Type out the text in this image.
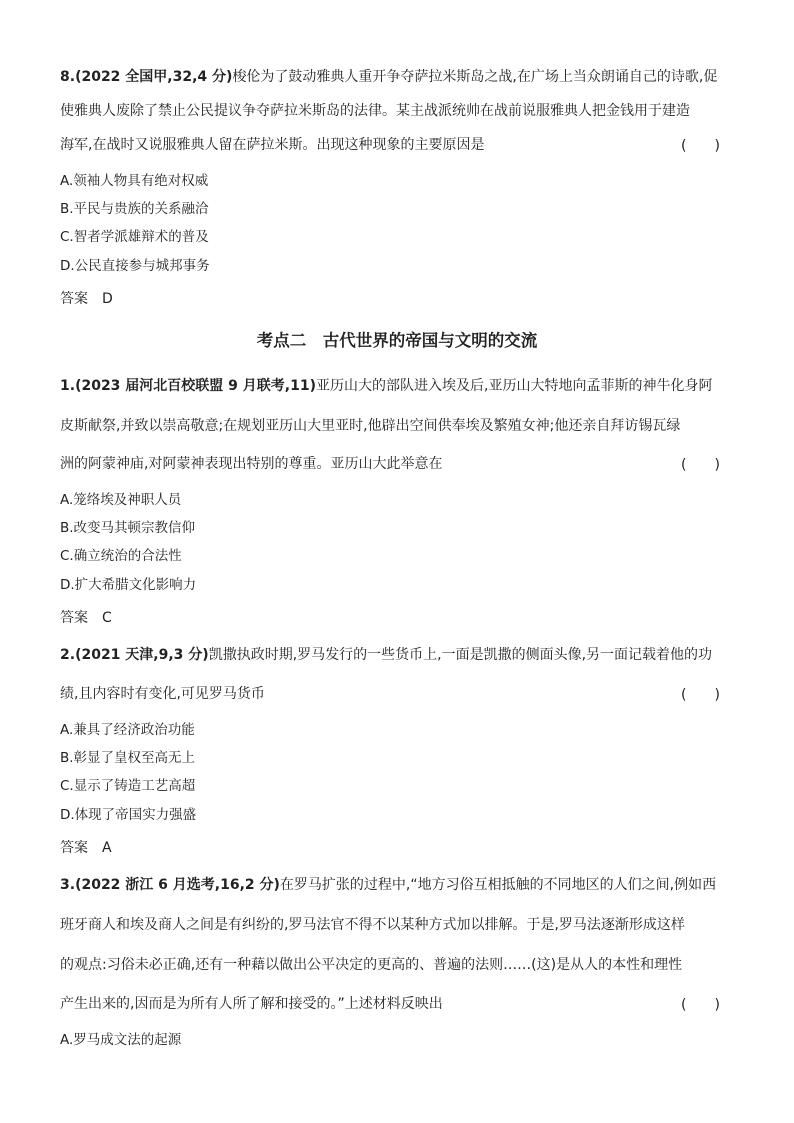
8.(2022 全国甲,32,4 分)梭伦为了鼓动雅典人重开争夺萨拉米斯岛之战,在广场上当众朗诵自己的诗歌,促
使雅典人废除了禁止公民提议争夺萨拉米斯岛的法律。某主战派统帅在战前说服雅典人把金钱用于建造
海军,在战时又说服雅典人留在萨拉米斯。出现这种现象的主要原因是	(　　)
A.领袖人物具有绝对权威
B.平民与贵族的关系融洽
C.智者学派雄辩术的普及
D.公民直接参与城邦事务
答案　D
考点二　古代世界的帝国与文明的交流
1.(2023 届河北百校联盟 9 月联考,11)亚历山大的部队进入埃及后,亚历山大特地向孟菲斯的神牛化身阿
皮斯献祭,并致以崇高敬意;在规划亚历山大里亚时,他辟出空间供奉埃及繁殖女神;他还亲自拜访锡瓦绿
洲的阿蒙神庙,对阿蒙神表现出特别的尊重。亚历山大此举意在	(　　)
A.笼络埃及神职人员
B.改变马其顿宗教信仰
C.确立统治的合法性
D.扩大希腊文化影响力
答案　C
2.(2021 天津,9,3 分)凯撒执政时期,罗马发行的一些货币上,一面是凯撒的侧面头像,另一面记载着他的功
绩,且内容时有变化,可见罗马货币	(　　)
A.兼具了经济政治功能
B.彰显了皇权至高无上
C.显示了铸造工艺高超
D.体现了帝国实力强盛
答案　A
3.(2022 浙江 6 月选考,16,2 分)在罗马扩张的过程中,“地方习俗互相抵触的不同地区的人们之间,例如西
班牙商人和埃及商人之间是有纠纷的,罗马法官不得不以某种方式加以排解。于是,罗马法逐渐形成这样
的观点:习俗未必正确,还有一种藉以做出公平决定的更高的、普遍的法则……(这)是从人的本性和理性
产生出来的,因而是为所有人所了解和接受的。”上述材料反映出	(　　)
A.罗马成文法的起源
